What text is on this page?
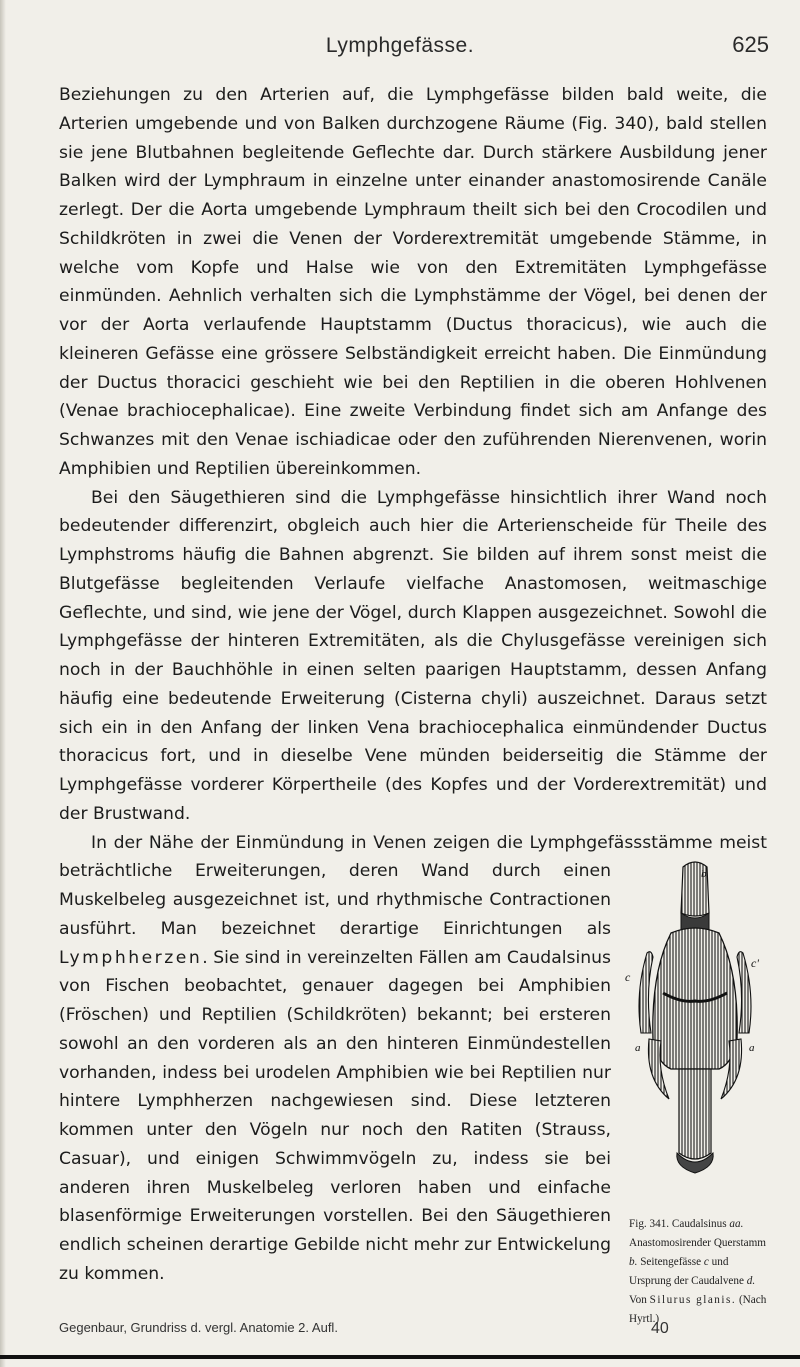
Lymphgefässe.	625

Beziehungen zu den Arterien auf, die Lymphgefässe bilden bald weite, die Arterien umgebende und von Balken durchzogene Räume (Fig. 340), bald stellen sie jene Blutbahnen begleitende Geflechte dar. Durch stärkere Ausbildung jener Balken wird der Lymphraum in einzelne unter einander anastomosirende Canäle zerlegt. Der die Aorta umgebende Lymphraum theilt sich bei den Crocodilen und Schildkröten in zwei die Venen der Vorderextremität umgebende Stämme, in welche vom Kopfe und Halse wie von den Extremitäten Lymphgefässe einmünden. Aehnlich verhalten sich die Lymphstämme der Vögel, bei denen der vor der Aorta verlaufende Hauptstamm (Ductus thoracicus), wie auch die kleineren Gefässe eine grössere Selbständigkeit erreicht haben. Die Einmündung der Ductus thoracici geschieht wie bei den Reptilien in die oberen Hohlvenen (Venae brachiocephalicae). Eine zweite Verbindung findet sich am Anfange des Schwanzes mit den Venae ischiadicae oder den zuführenden Nierenvenen, worin Amphibien und Reptilien übereinkommen.

Bei den Säugethieren sind die Lymphgefässe hinsichtlich ihrer Wand noch bedeutender differenzirt, obgleich auch hier die Arterienscheide für Theile des Lymphstroms häufig die Bahnen abgrenzt. Sie bilden auf ihrem sonst meist die Blutgefässe begleitenden Verlaufe vielfache Anastomosen, weitmaschige Geflechte, und sind, wie jene der Vögel, durch Klappen ausgezeichnet. Sowohl die Lymphgefässe der hinteren Extremitäten, als die Chylusgefässe vereinigen sich noch in der Bauchhöhle in einen selten paarigen Hauptstamm, dessen Anfang häufig eine bedeutende Erweiterung (Cisterna chyli) auszeichnet. Daraus setzt sich ein in den Anfang der linken Vena brachiocephalica einmündender Ductus thoracicus fort, und in dieselbe Vene münden beiderseitig die Stämme der Lymphgefässe vorderer Körpertheile (des Kopfes und der Vorderextremität) und der Brustwand.

In der Nähe der Einmündung in Venen zeigen die Lymphgefässstämme meist beträchtliche Erweiterungen, deren Wand durch einen	b
c
c'
a	a
Fig. 341. Caudalsinus aa. Anastomosirender Querstamm b. Seitengefässe c und Ursprung der Caudalvene d. Von Silurus glanis. (Nach Hyrtl.)
Muskelbeleg ausgezeichnet ist, und rhythmische Contractionen ausführt. Man bezeichnet derartige Einrichtungen als Lymphherzen. Sie sind in vereinzelten Fällen am Caudalsinus von Fischen beobachtet, genauer dagegen bei Amphibien (Fröschen) und Reptilien (Schildkröten) bekannt; bei ersteren sowohl an den vorderen als an den hinteren Einmündestellen vorhanden, indess bei urodelen Amphibien wie bei Reptilien nur hintere Lymphherzen nachgewiesen sind. Diese letzteren kommen unter den Vögeln nur noch den Ratiten (Strauss, Casuar), und einigen Schwimmvögeln zu, indess sie bei anderen ihren Muskelbeleg verloren haben und einfache blasenförmige Erweiterungen vorstellen. Bei den Säugethieren endlich scheinen derartige Gebilde nicht mehr zur Entwickelung zu kommen.

Gegenbaur, Grundriss d. vergl. Anatomie 2. Aufl.	40
